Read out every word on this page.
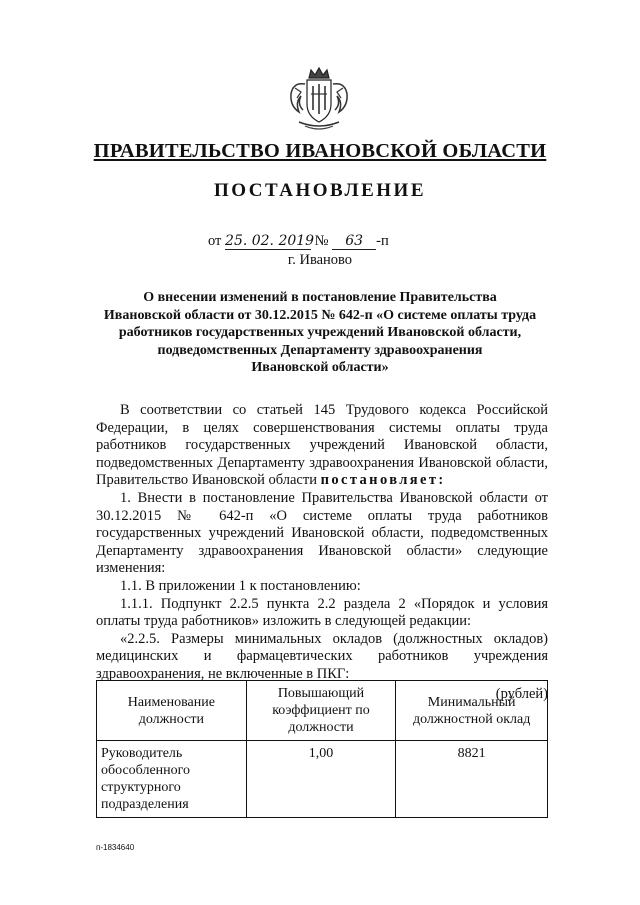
ПРАВИТЕЛЬСТВО ИВАНОВСКОЙ ОБЛАСТИ
ПОСТАНОВЛЕНИЕ
от 25. 02. 2019 № 63 -п
г. Иваново
О внесении изменений в постановление Правительства
Ивановской области от 30.12.2015 № 642-п «О системе оплаты труда
работников государственных учреждений Ивановской области,
подведомственных Департаменту здравоохранения
Ивановской области»
В соответствии со статьей 145 Трудового кодекса Российской Федерации, в целях совершенствования системы оплаты труда работников государственных учреждений Ивановской области, подведомственных Департаменту здравоохранения Ивановской области, Правительство Ивановской области постановляет:
1. Внести в постановление Правительства Ивановской области от 30.12.2015 № 642-п «О системе оплаты труда работников государственных учреждений Ивановской области, подведомственных Департаменту здравоохранения Ивановской области» следующие изменения:
1.1. В приложении 1 к постановлению:
1.1.1. Подпункт 2.2.5 пункта 2.2 раздела 2 «Порядок и условия оплаты труда работников» изложить в следующей редакции:
«2.2.5. Размеры минимальных окладов (должностных окладов) медицинских и фармацевтических работников учреждения здравоохранения, не включенные в ПКГ:
(рублей)
Наименование должности	Повышающий коэффициент по должности	Минимальный должностной оклад
Руководитель обособленного структурного подразделения	1,00	8821
п-1834640
